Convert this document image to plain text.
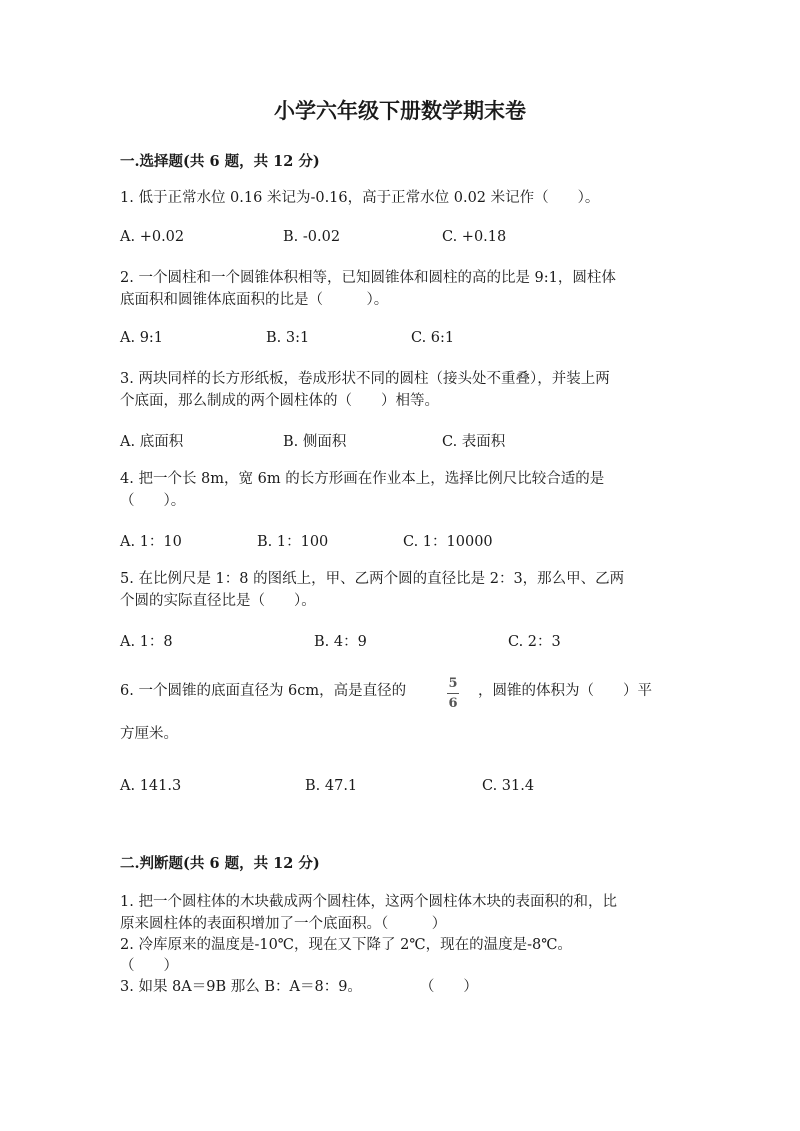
小学六年级下册数学期末卷
一.选择题(共 6 题，共 12 分)
1. 低于正常水位 0.16 米记为-0.16，高于正常水位 0.02 米记作（　　）。
A. +0.02	B. -0.02	C. +0.18
2. 一个圆柱和一个圆锥体积相等，已知圆锥体和圆柱的高的比是 9:1，圆柱体
底面积和圆锥体底面积的比是（　　　）。
A. 9:1	B. 3:1	C. 6:1
3. 两块同样的长方形纸板，卷成形状不同的圆柱（接头处不重叠），并装上两
个底面，那么制成的两个圆柱体的（　　）相等。
A. 底面积	B. 侧面积	C. 表面积
4. 把一个长 8m，宽 6m 的长方形画在作业本上，选择比例尺比较合适的是
（　　）。
A. 1：10	B. 1：100	C. 1：10000
5. 在比例尺是 1：8 的图纸上，甲、乙两个圆的直径比是 2：3，那么甲、乙两
个圆的实际直径比是（　　）。
A. 1：8	B. 4：9	C. 2：3
6. 一个圆锥的底面直径为 6cm，高是直径的	5
6
，圆锥的体积为（　　）平
方厘米。
A. 141.3	B. 47.1	C. 31.4
二.判断题(共 6 题，共 12 分)
1. 把一个圆柱体的木块截成两个圆柱体，这两个圆柱体木块的表面积的和，比
原来圆柱体的表面积增加了一个底面积。（　　　）
2. 冷库原来的温度是-10℃，现在又下降了 2℃，现在的温度是-8℃。
（　　）
3. 如果 8A＝9B 那么 B：A＝8：9。　　　　　（　　）
